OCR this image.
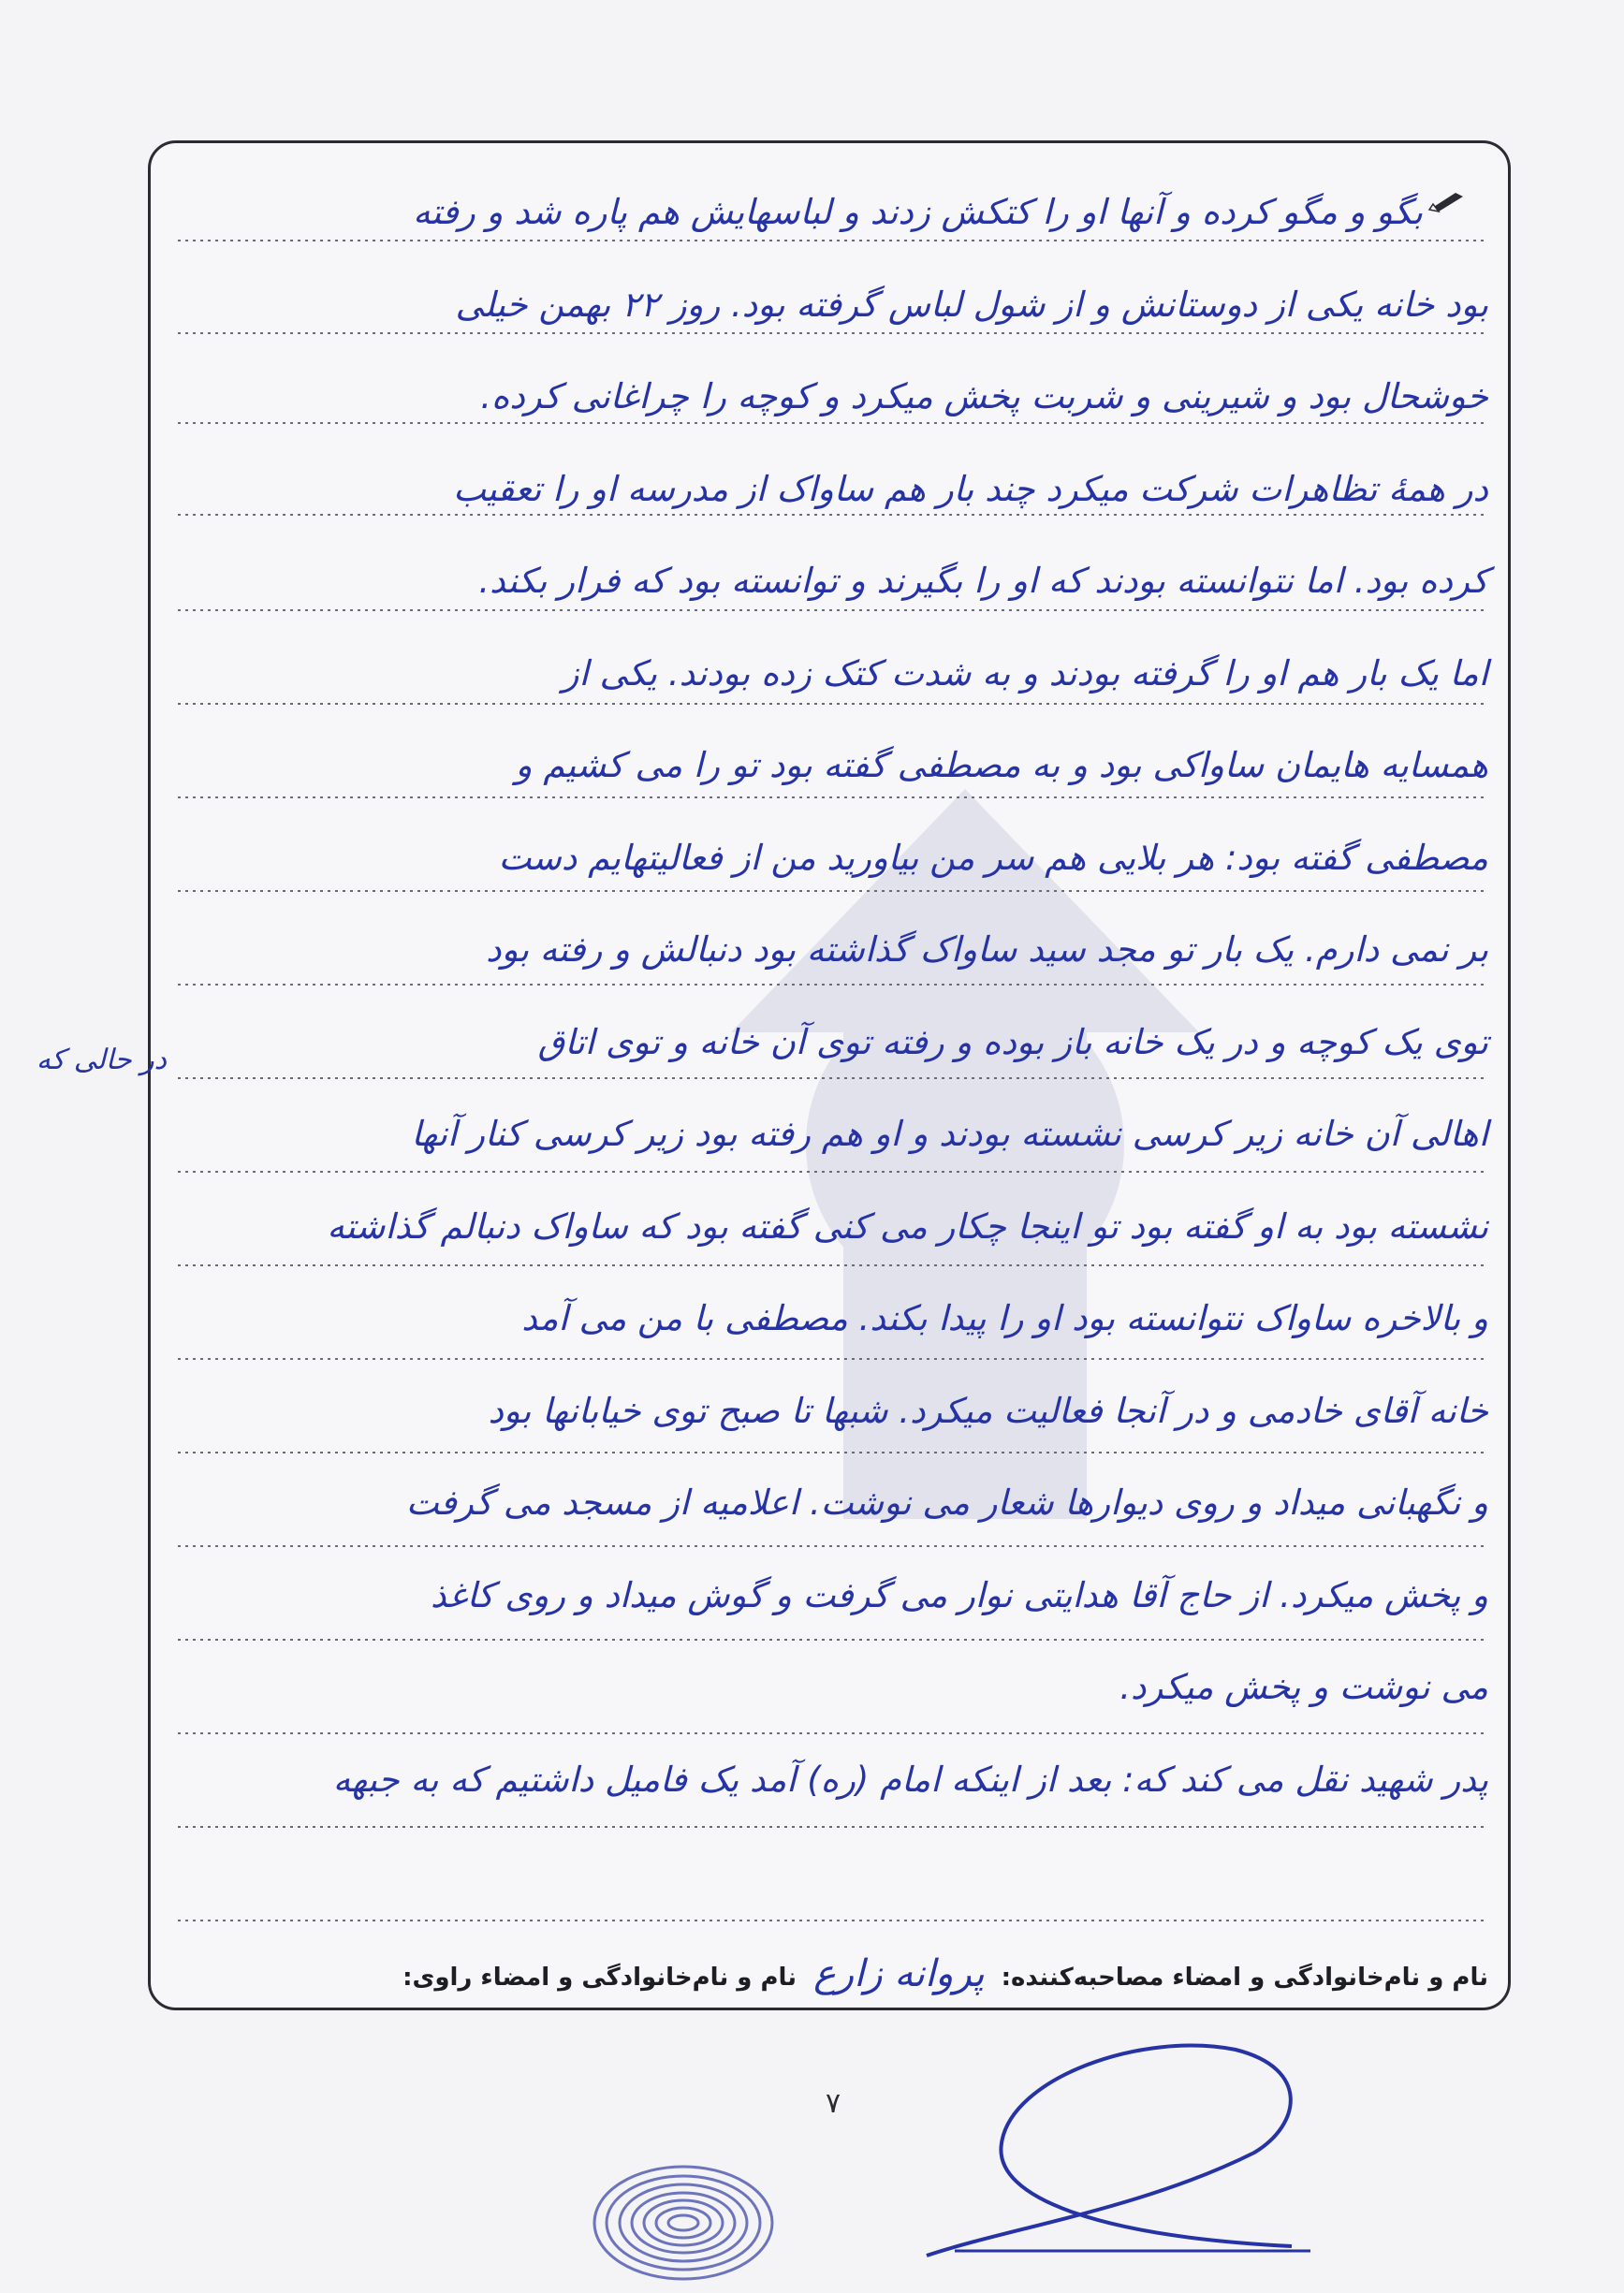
بگو و مگو کرده و آنها او را کتکش زدند و لباسهایش هم پاره شد و رفته
بود خانه یکی از دوستانش و از شول لباس گرفته بود. روز ۲۲ بهمن خیلی
خوشحال بود و شیرینی و شربت پخش میکرد و کوچه را چراغانی کرده.
در همهٔ تظاهرات شرکت میکرد چند بار هم ساواک از مدرسه او را تعقیب
کرده بود. اما نتوانسته بودند که او را بگیرند و توانسته بود که فرار بکند.
اما یک بار هم او را گرفته بودند و به شدت کتک زده بودند. یکی از
همسایه هایمان ساواکی بود و به مصطفی گفته بود تو را می کشیم و
مصطفی گفته بود: هر بلایی هم سر من بیاورید من از فعالیتهایم دست
بر نمی دارم. یک بار تو مجد سید ساواک گذاشته بود دنبالش و رفته بود
توی یک کوچه و در یک خانه باز بوده و رفته توی آن خانه و توی اتاق
اهالی آن خانه زیر کرسی نشسته بودند و او هم رفته بود زیر کرسی کنار آنها
نشسته بود به او گفته بود تو اینجا چکار می کنی گفته بود که ساواک دنبالم گذاشته
و بالاخره ساواک نتوانسته بود او را پیدا بکند. مصطفی با من می آمد
خانه آقای خادمی و در آنجا فعالیت میکرد. شبها تا صبح توی خیابانها بود
و نگهبانی میداد و روی دیوارها شعار می نوشت. اعلامیه از مسجد می گرفت
و پخش میکرد. از حاج آقا هدایتی نوار می گرفت و گوش میداد و روی کاغذ
می نوشت و پخش میکرد.
پدر شهید نقل می کند که: بعد از اینکه امام (ره) آمد یک فامیل داشتیم که به جبهه
در حالی که
نام و نام‌خانوادگی و امضاء مصاحبه‌کننده:
پروانه زارع
نام و نام‌خانوادگی و امضاء راوی:
۷
